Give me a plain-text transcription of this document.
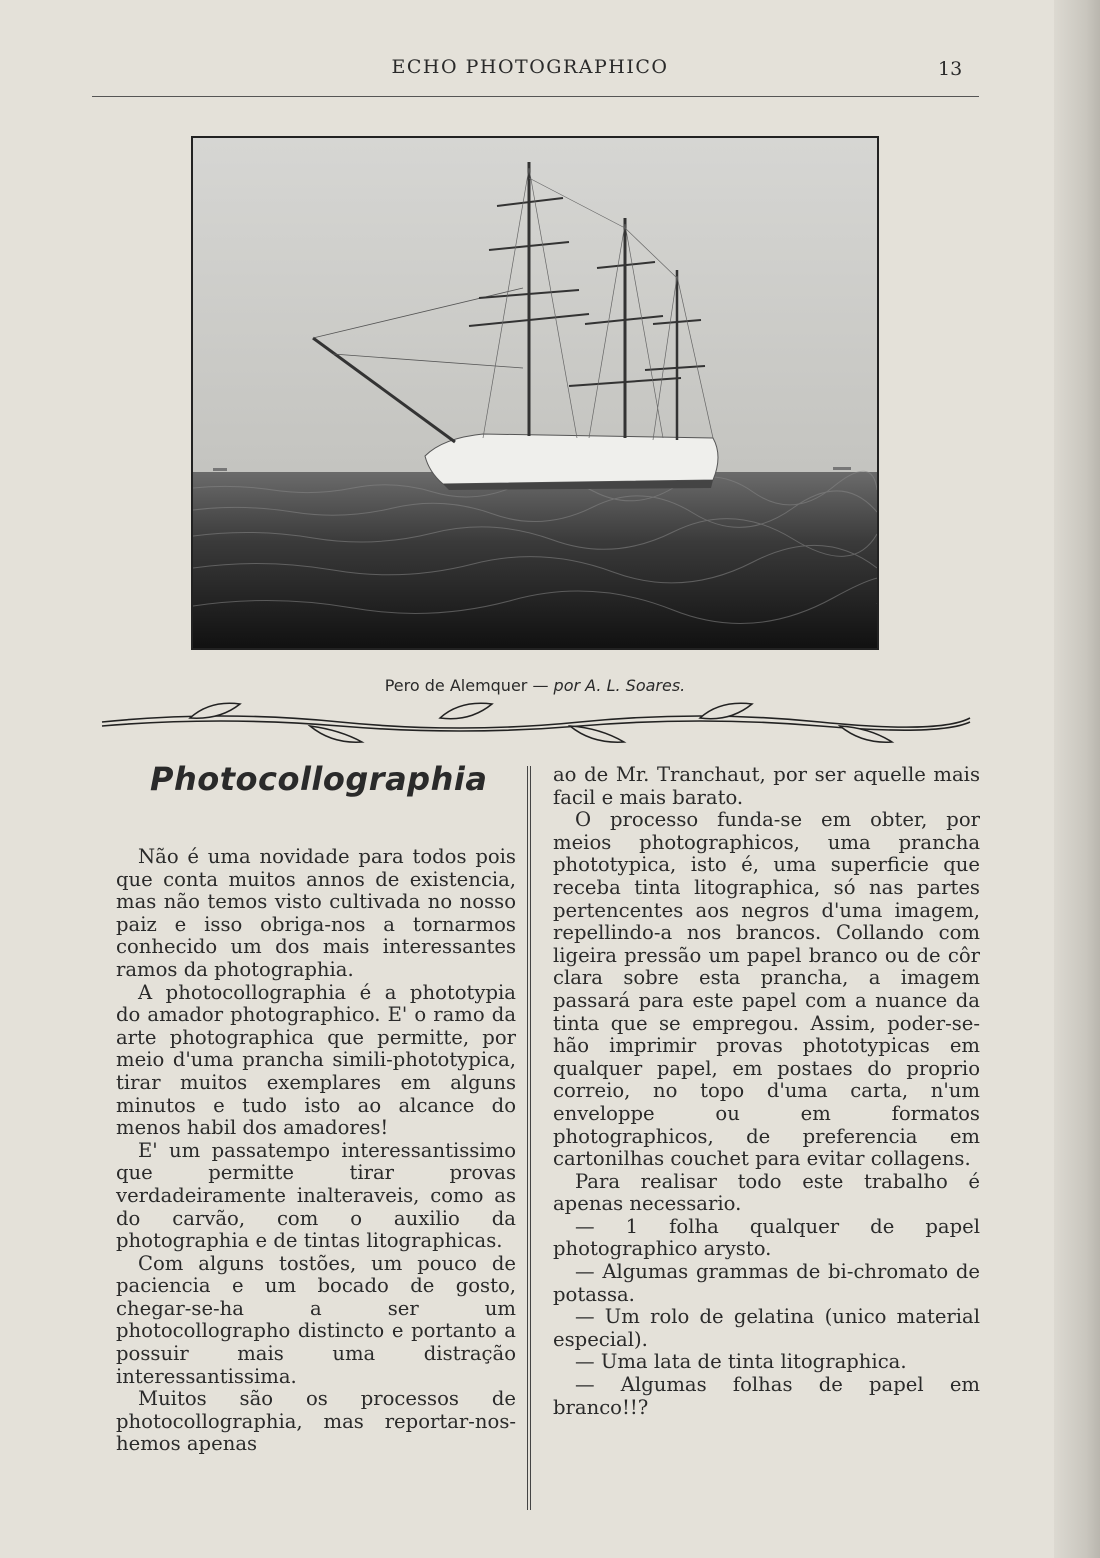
ECHO PHOTOGRAPHICO	13
Pero de Alemquer — por A. L. Soares.
Photocollographia

Não é uma novidade para todos pois que conta muitos annos de existencia, mas não temos visto cultivada no nosso paiz e isso obriga-nos a tornarmos conhecido um dos mais interessantes ramos da photographia.

A photocollographia é a phototypia do amador photographico. E' o ramo da arte photographica que permitte, por meio d'uma prancha simili-phototypica, tirar muitos exemplares em alguns minutos e tudo isto ao alcance do menos habil dos amadores!

E' um passatempo interessantissimo que permitte tirar provas verdadeiramente inalteraveis, como as do carvão, com o auxilio da photographia e de tintas litographicas.

Com alguns tostões, um pouco de paciencia e um bocado de gosto, chegar-se-ha a ser um photocollographo distincto e portanto a possuir mais uma distração interessantissima.

Muitos são os processos de photocollographia, mas reportar-nos-hemos apenas

ao de Mr. Tranchaut, por ser aquelle mais facil e mais barato.

O processo funda-se em obter, por meios photographicos, uma prancha phototypica, isto é, uma superficie que receba tinta litographica, só nas partes pertencentes aos negros d'uma imagem, repellindo-a nos brancos. Collando com ligeira pressão um papel branco ou de côr clara sobre esta prancha, a imagem passará para este papel com a nuance da tinta que se empregou. Assim, poder-se-hão imprimir provas phototypicas em qualquer papel, em postaes do proprio correio, no topo d'uma carta, n'um enveloppe ou em formatos photographicos, de preferencia em cartonilhas couchet para evitar collagens.

Para realisar todo este trabalho é apenas necessario.

— 1 folha qualquer de papel photographico arysto.

— Algumas grammas de bi-chromato de potassa.

— Um rolo de gelatina (unico material especial).

— Uma lata de tinta litographica.

— Algumas folhas de papel em branco!!?
